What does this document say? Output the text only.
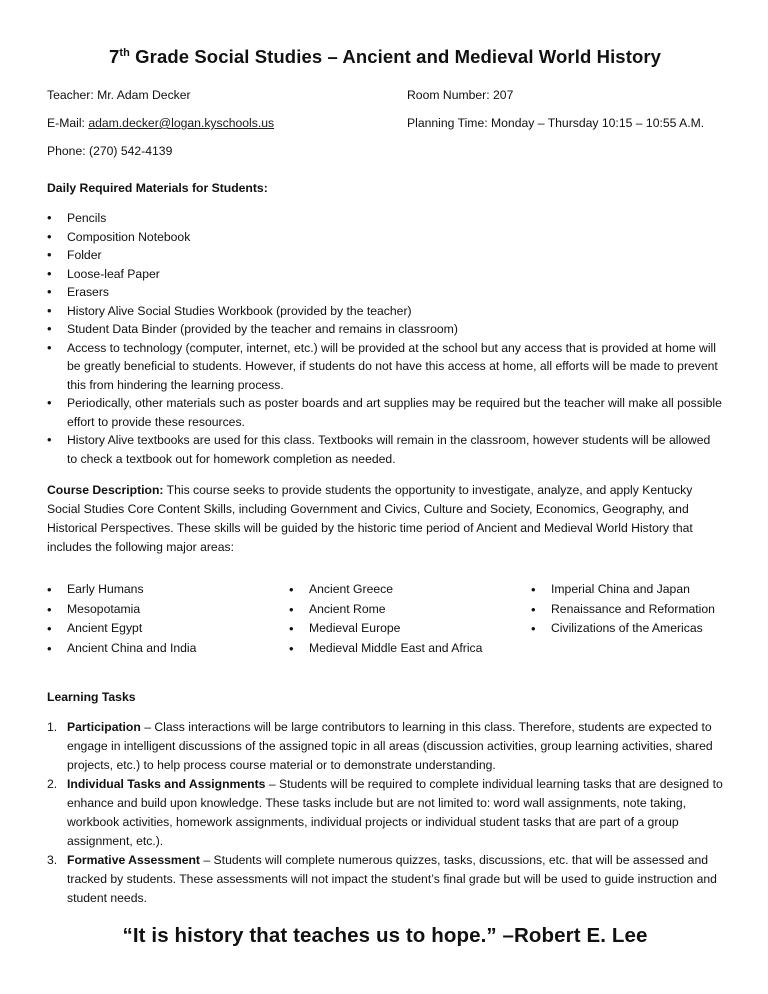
7th Grade Social Studies – Ancient and Medieval World History
Teacher: Mr. Adam Decker	Room Number: 207
E-Mail: adam.decker@logan.kyschools.us	Planning Time: Monday – Thursday 10:15 – 10:55 A.M.
Phone: (270) 542-4139
Daily Required Materials for Students:
• Pencils
• Composition Notebook
• Folder
• Loose-leaf Paper
• Erasers
• History Alive Social Studies Workbook (provided by the teacher)
• Student Data Binder (provided by the teacher and remains in classroom)
• Access to technology (computer, internet, etc.) will be provided at the school but any access that is provided at home will be greatly beneficial to students. However, if students do not have this access at home, all efforts will be made to prevent this from hindering the learning process.
• Periodically, other materials such as poster boards and art supplies may be required but the teacher will make all possible effort to provide these resources.
• History Alive textbooks are used for this class. Textbooks will remain in the classroom, however students will be allowed to check a textbook out for homework completion as needed.
Course Description: This course seeks to provide students the opportunity to investigate, analyze, and apply Kentucky Social Studies Core Content Skills, including Government and Civics, Culture and Society, Economics, Geography, and Historical Perspectives. These skills will be guided by the historic time period of Ancient and Medieval World History that includes the following major areas:
• Early Humans
• Mesopotamia
• Ancient Egypt
• Ancient China and India
• Ancient Greece
• Ancient Rome
• Medieval Europe
• Medieval Middle East and Africa
• Imperial China and Japan
• Renaissance and Reformation
• Civilizations of the Americas
Learning Tasks
1. Participation – Class interactions will be large contributors to learning in this class. Therefore, students are expected to engage in intelligent discussions of the assigned topic in all areas (discussion activities, group learning activities, shared projects, etc.) to help process course material or to demonstrate understanding.
2. Individual Tasks and Assignments – Students will be required to complete individual learning tasks that are designed to enhance and build upon knowledge. These tasks include but are not limited to: word wall assignments, note taking, workbook activities, homework assignments, individual projects or individual student tasks that are part of a group assignment, etc.).
3. Formative Assessment – Students will complete numerous quizzes, tasks, discussions, etc. that will be assessed and tracked by students. These assessments will not impact the student’s final grade but will be used to guide instruction and student needs.
“It is history that teaches us to hope.” –Robert E. Lee
